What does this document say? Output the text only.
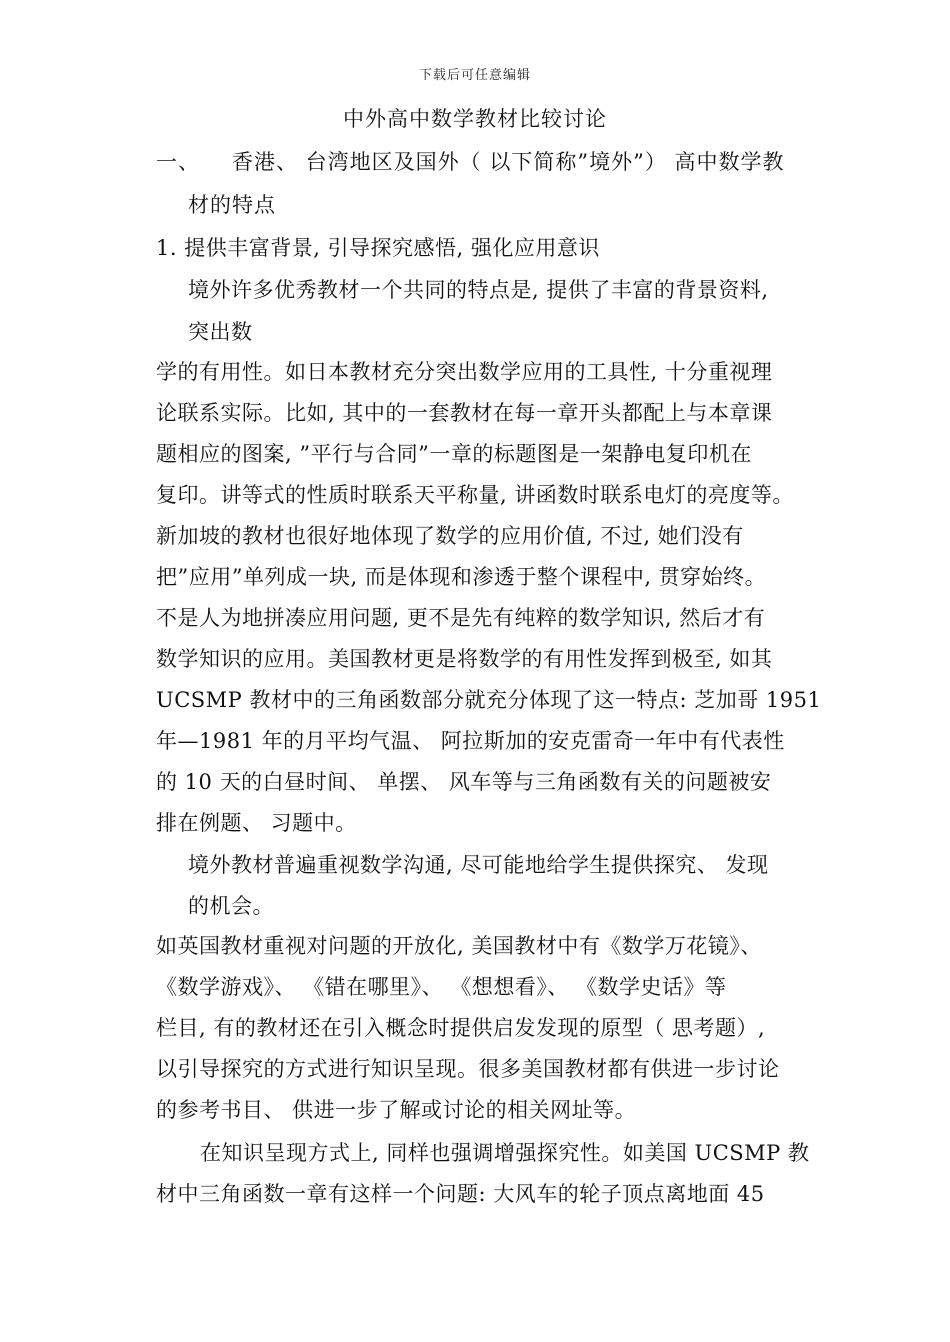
下载后可任意编辑
中外高中数学教材比较讨论
一、 香港、 台湾地区及国外（ 以下简称”境外”） 高中数学教
材的特点
1. 提供丰富背景, 引导探究感悟, 强化应用意识
境外许多优秀教材一个共同的特点是, 提供了丰富的背景资料,
突出数
学的有用性。如日本教材充分突出数学应用的工具性, 十分重视理
论联系实际。比如, 其中的一套教材在每一章开头都配上与本章课
题相应的图案, ”平行与合同”一章的标题图是一架静电复印机在
复印。讲等式的性质时联系天平称量, 讲函数时联系电灯的亮度等。
新加坡的教材也很好地体现了数学的应用价值, 不过, 她们没有
把”应用”单列成一块, 而是体现和渗透于整个课程中, 贯穿始终。
不是人为地拼凑应用问题, 更不是先有纯粹的数学知识, 然后才有
数学知识的应用。美国教材更是将数学的有用性发挥到极至, 如其
UCSMP 教材中的三角函数部分就充分体现了这一特点: 芝加哥 1951
年—1981 年的月平均气温、 阿拉斯加的安克雷奇一年中有代表性
的 10 天的白昼时间、 单摆、 风车等与三角函数有关的问题被安
排在例题、 习题中。
境外教材普遍重视数学沟通, 尽可能地给学生提供探究、 发现
的机会。
如英国教材重视对问题的开放化, 美国教材中有《数学万花镜》、
《数学游戏》、 《错在哪里》、 《想想看》、 《数学史话》等
栏目, 有的教材还在引入概念时提供启发发现的原型（ 思考题）,
以引导探究的方式进行知识呈现。很多美国教材都有供进一步讨论
的参考书目、 供进一步了解或讨论的相关网址等。
在知识呈现方式上, 同样也强调增强探究性。如美国 UCSMP 教
材中三角函数一章有这样一个问题: 大风车的轮子顶点离地面 45
